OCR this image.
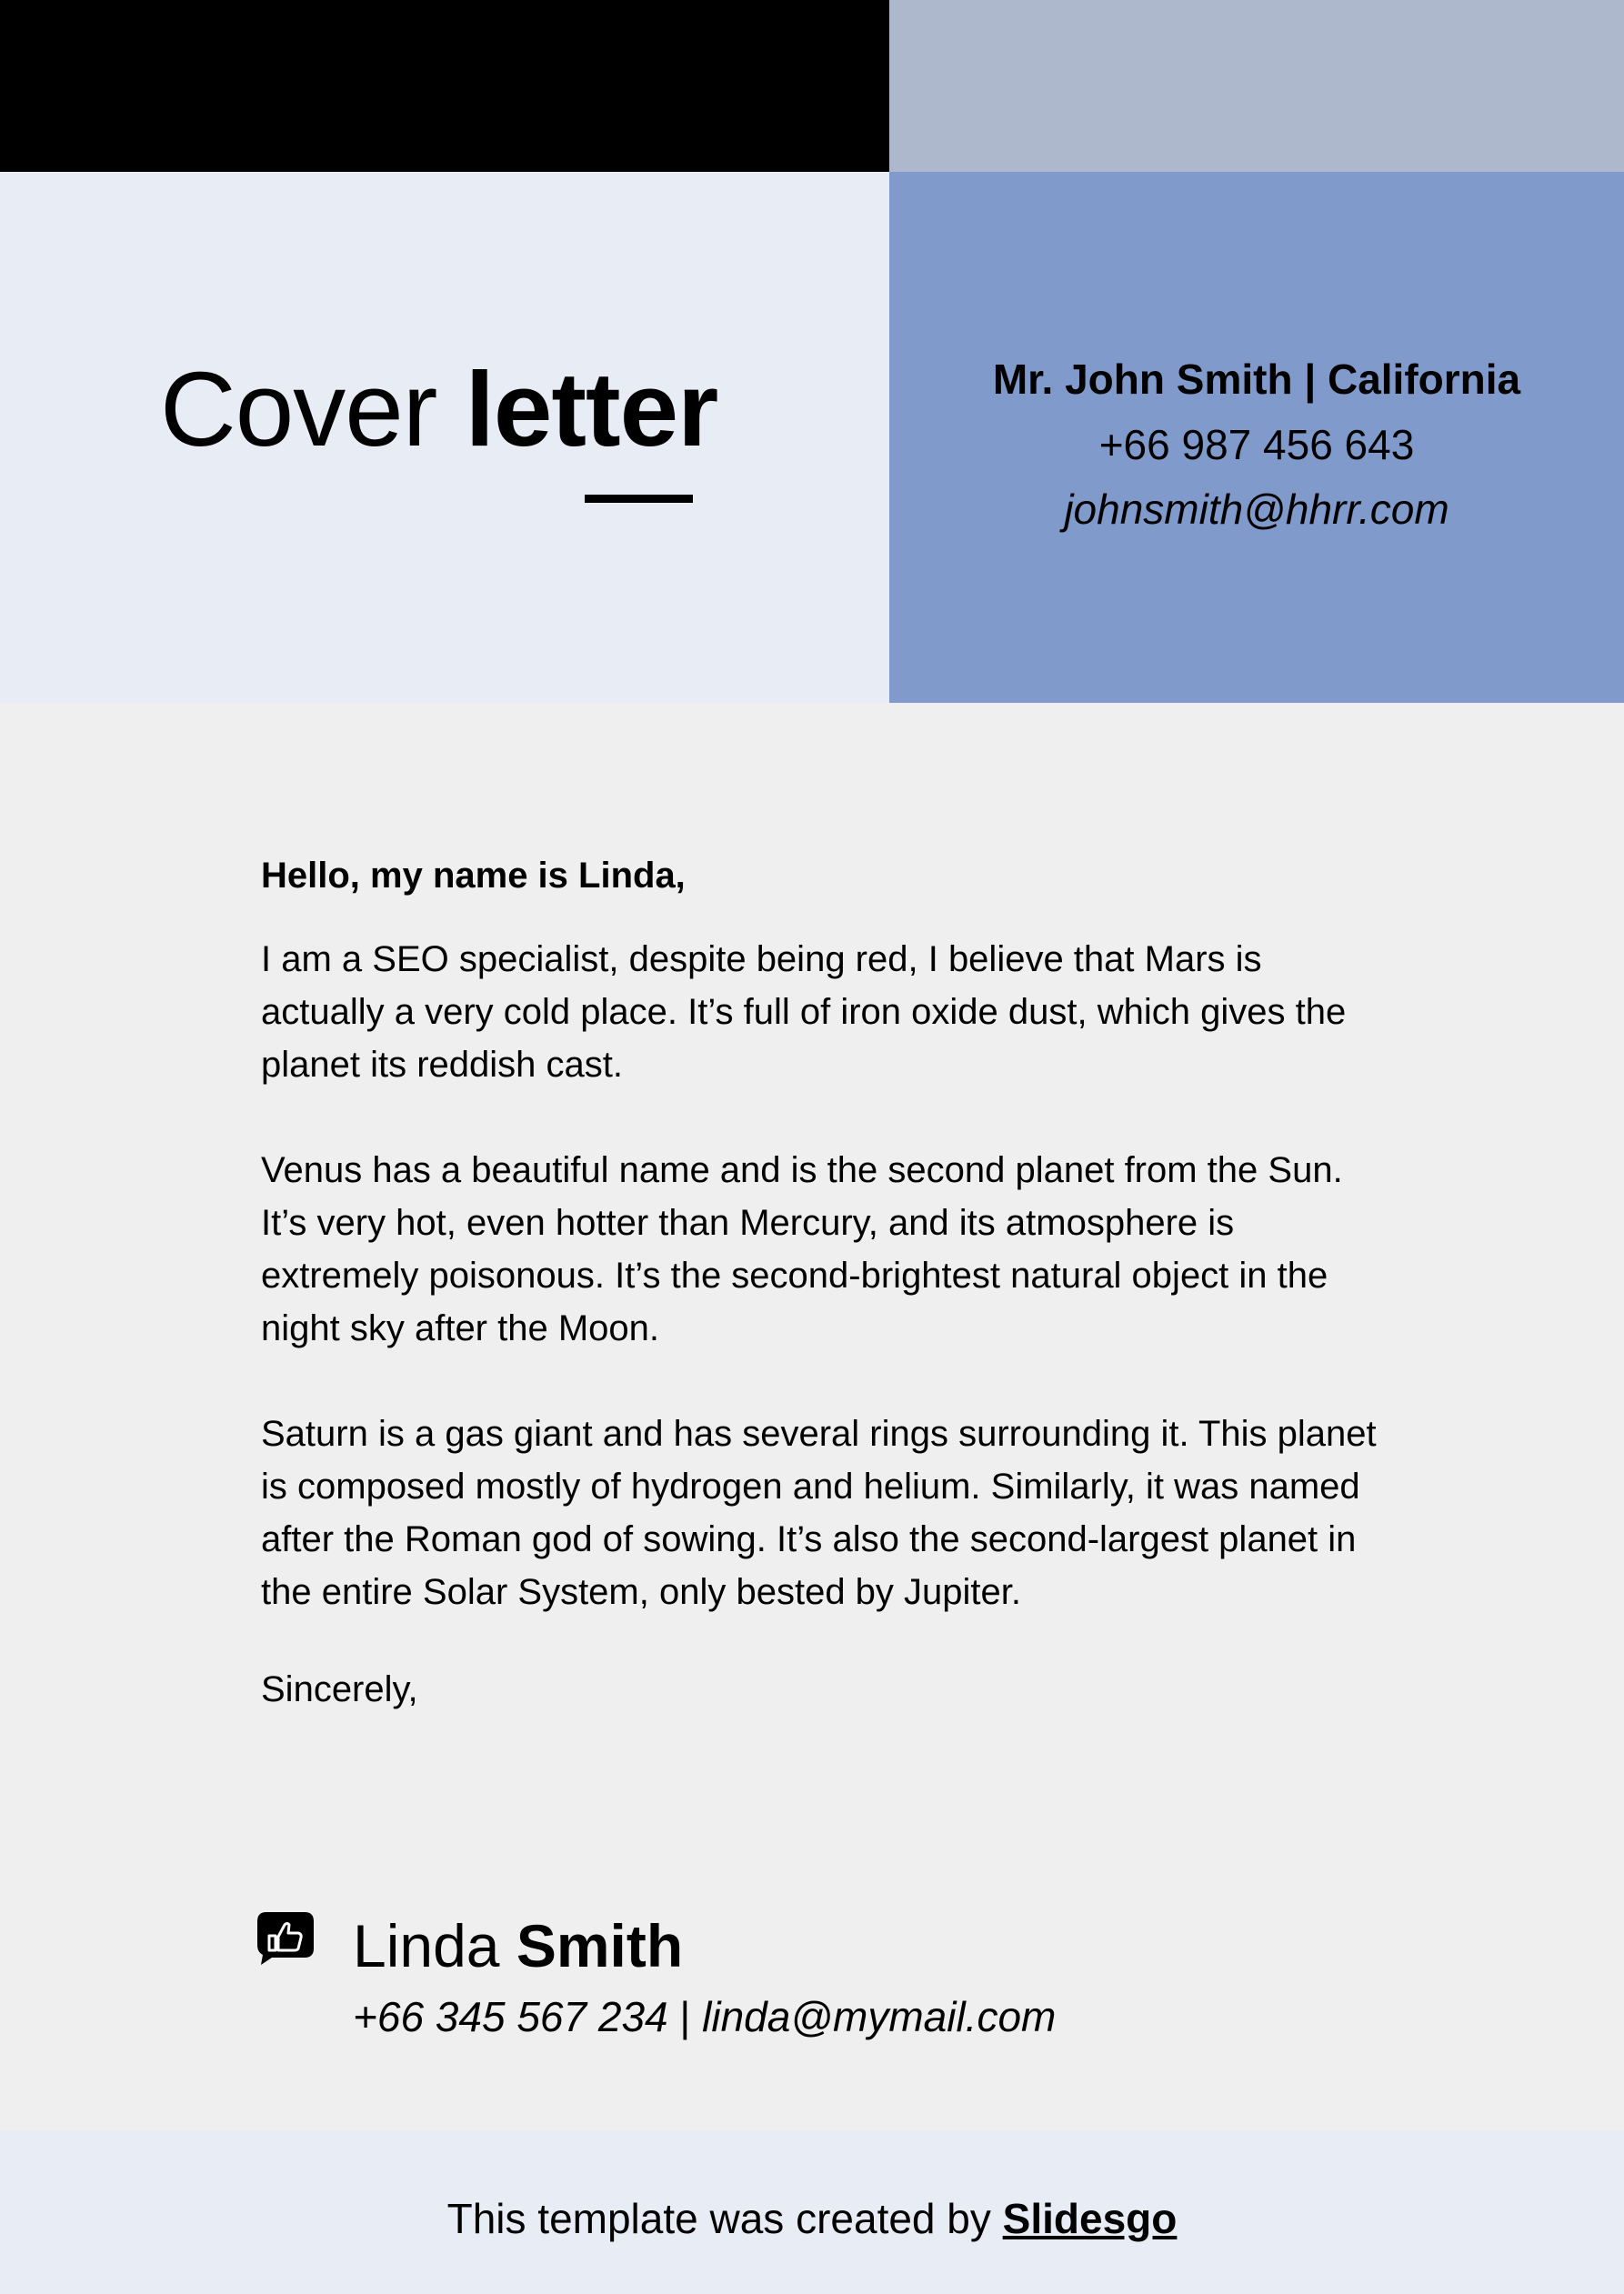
Cover letter	Mr. John Smith | California
+66 987 456 643
johnsmith@hhrr.com

Hello, my name is Linda,

I am a SEO specialist, despite being red, I believe that Mars is actually a very cold place. It’s full of iron oxide dust, which gives the planet its reddish cast.

Venus has a beautiful name and is the second planet from the Sun. It’s very hot, even hotter than Mercury, and its atmosphere is extremely poisonous. It’s the second-brightest natural object in the night sky after the Moon.

Saturn is a gas giant and has several rings surrounding it. This planet is composed mostly of hydrogen and helium. Similarly, it was named after the Roman god of sowing. It’s also the second-largest planet in the entire Solar System, only bested by Jupiter.

Sincerely,

Linda Smith
+66 345 567 234 | linda@mymail.com
This template was created by Slidesgo
